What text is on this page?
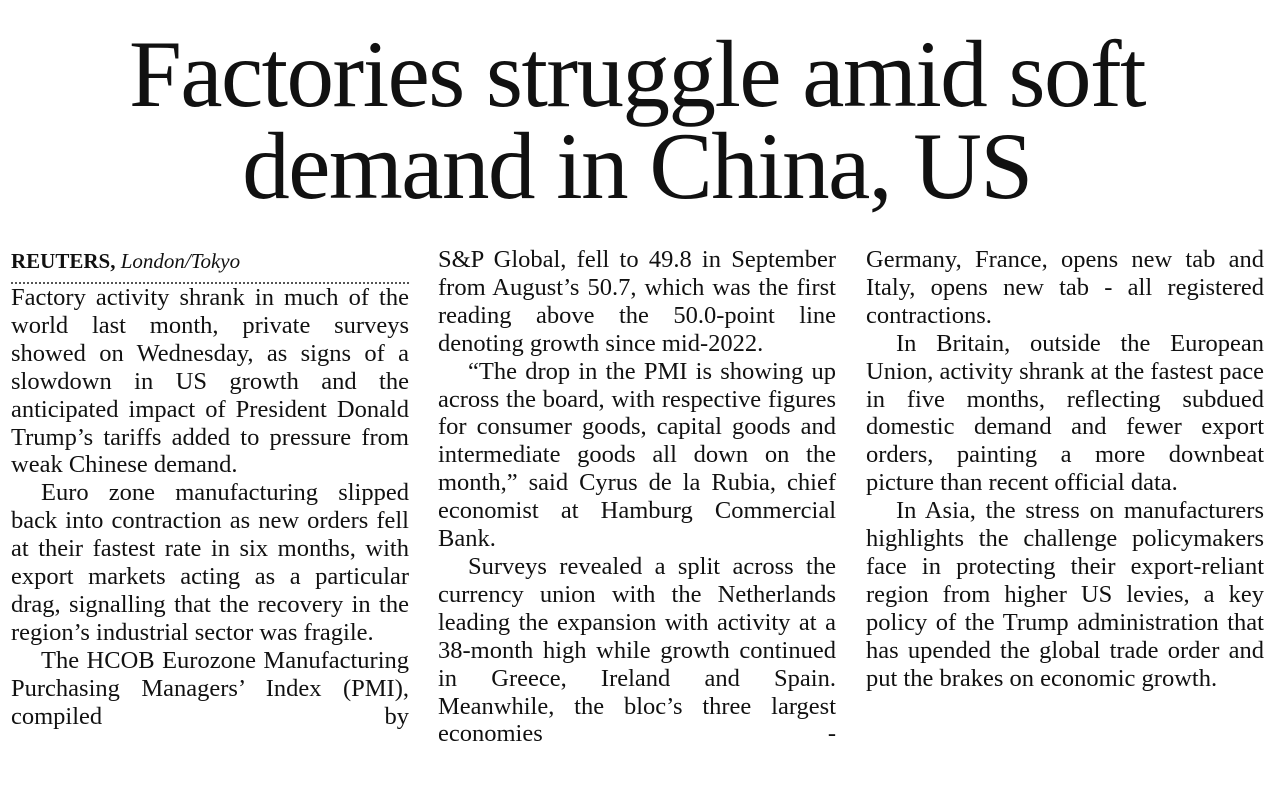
Factories struggle amid soft
demand in China, US

REUTERS, London/Tokyo

Factory activity shrank in much of the world last month, private surveys showed on Wednesday, as signs of a slowdown in US growth and the anticipated impact of President Donald Trump’s tariffs added to pressure from weak Chinese demand.

Euro zone manufacturing slipped back into contraction as new orders fell at their fastest rate in six months, with export markets acting as a particular drag, signalling that the recovery in the region’s industrial sector was fragile.

The HCOB Eurozone Manufacturing Purchasing Managers’ Index (PMI), compiled by

S&P Global, fell to 49.8 in September from August’s 50.7, which was the first reading above the 50.0-point line denoting growth since mid-2022.

“The drop in the PMI is showing up across the board, with respective figures for consumer goods, capital goods and intermediate goods all down on the month,” said Cyrus de la Rubia, chief economist at Hamburg Commercial Bank.

Surveys revealed a split across the currency union with the Netherlands leading the expansion with activity at a 38-month high while growth continued in Greece, Ireland and Spain. Meanwhile, the bloc’s three largest economies -

Germany, France, opens new tab and Italy, opens new tab - all registered contractions.

In Britain, outside the European Union, activity shrank at the fastest pace in five months, reflecting subdued domestic demand and fewer export orders, painting a more downbeat picture than recent official data.

In Asia, the stress on manufacturers highlights the challenge policymakers face in protecting their export-reliant region from higher US levies, a key policy of the Trump administration that has upended the global trade order and put the brakes on economic growth.
